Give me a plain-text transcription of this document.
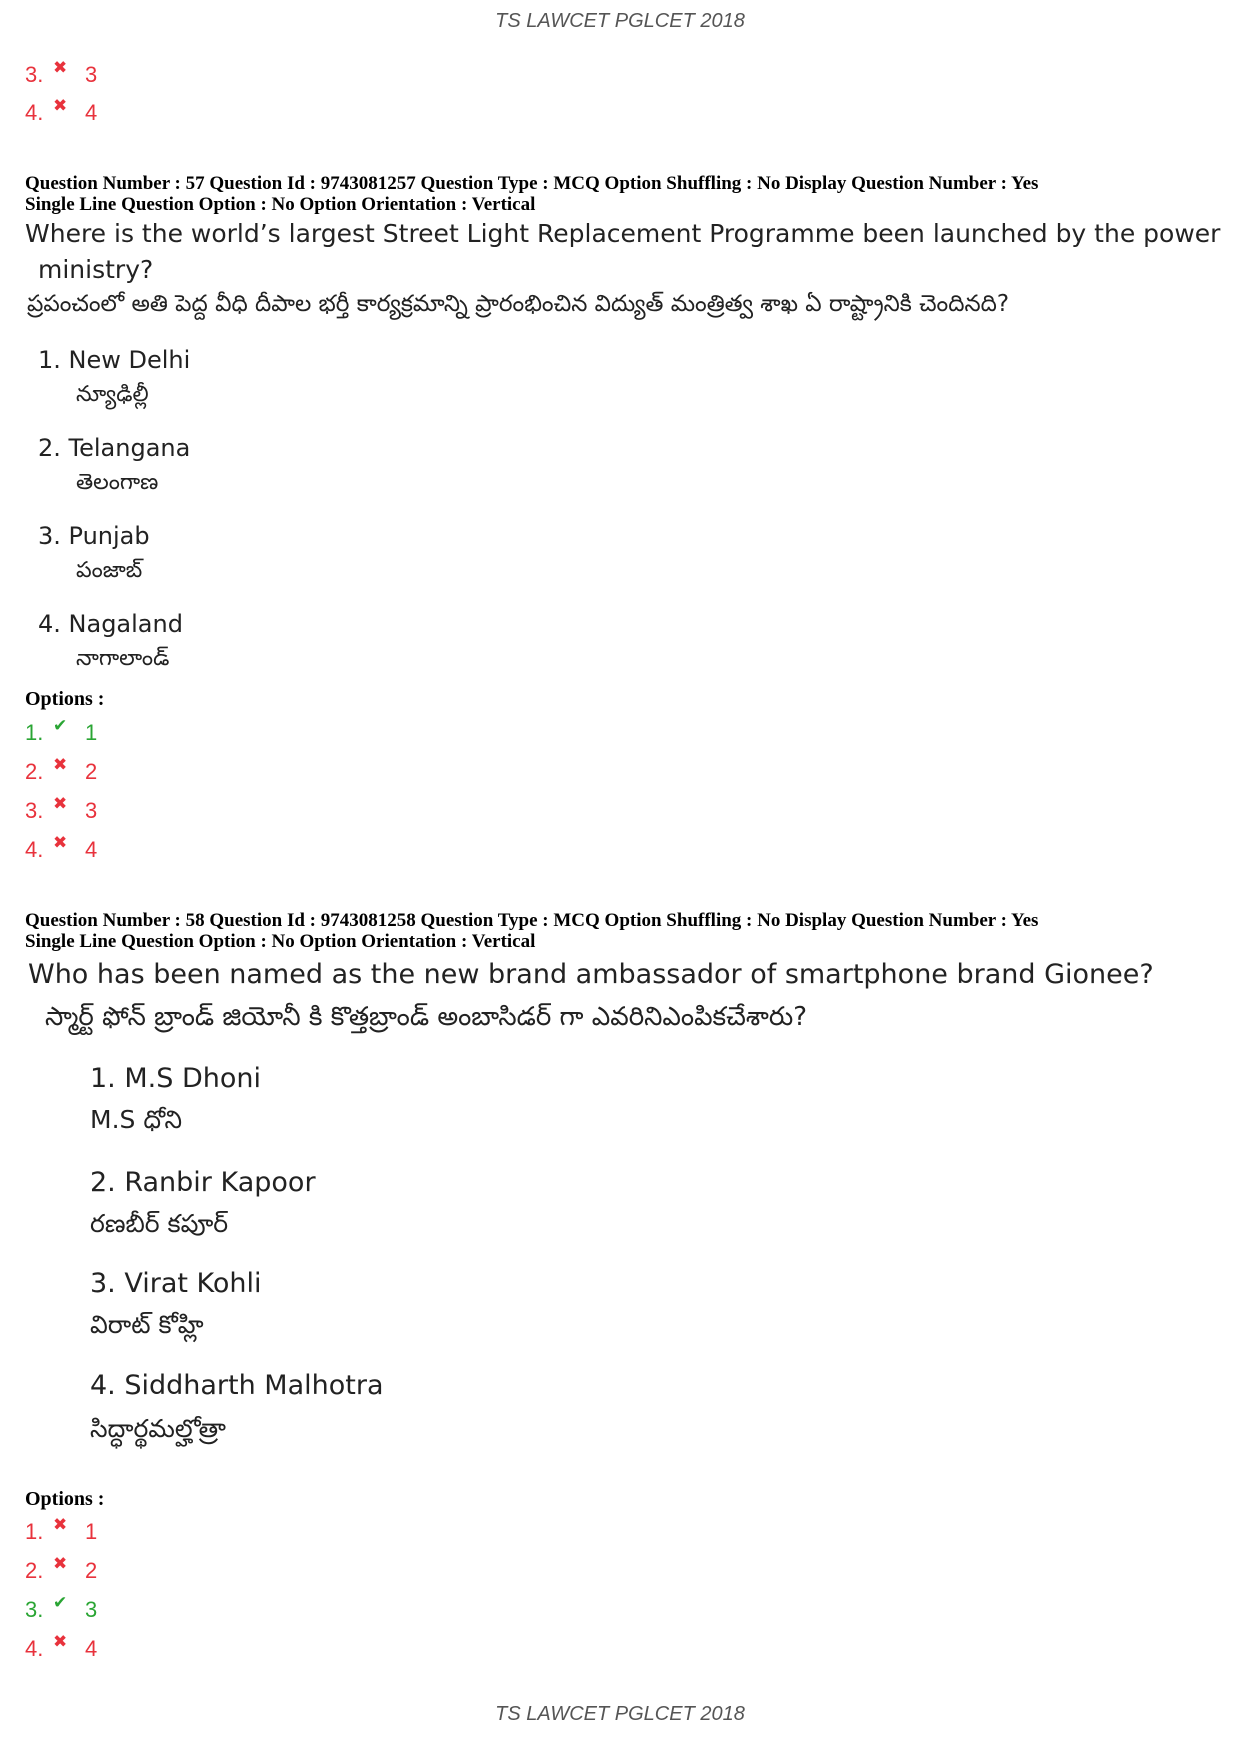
TS LAWCET PGLCET 2018
3. ✖ 3
4. ✖ 4
Question Number : 57 Question Id : 9743081257 Question Type : MCQ Option Shuffling : No Display Question Number : Yes
Single Line Question Option : No Option Orientation : Vertical
Where is the world’s largest Street Light Replacement Programme been launched by the power
ministry?
ప్రపంచంలో అతి పెద్ద వీధి దీపాల భర్తీ కార్యక్రమాన్ని ప్రారంభించిన విద్యుత్ మంత్రిత్వ శాఖ ఏ రాష్ట్రానికి చెందినది?
1. New Delhi
న్యూఢిల్లీ
2. Telangana
తెలంగాణ
3. Punjab
పంజాబ్
4. Nagaland
నాగాలాండ్
Options :
1. ✔ 1
2. ✖ 2
3. ✖ 3
4. ✖ 4
Question Number : 58 Question Id : 9743081258 Question Type : MCQ Option Shuffling : No Display Question Number : Yes
Single Line Question Option : No Option Orientation : Vertical
Who has been named as the new brand ambassador of smartphone brand Gionee?
స్మార్ట్ ఫోన్ బ్రాండ్ జియోనీ కి కొత్తబ్రాండ్ అంబాసిడర్ గా ఎవరినిఎంపికచేశారు?
1. M.S Dhoni
M.S ధోని
2. Ranbir Kapoor
రణబీర్ కపూర్
3. Virat Kohli
విరాట్ కోహ్లి
4. Siddharth Malhotra
సిద్ధార్థమల్హోత్రా
Options :
1. ✖ 1
2. ✖ 2
3. ✔ 3
4. ✖ 4
TS LAWCET PGLCET 2018
